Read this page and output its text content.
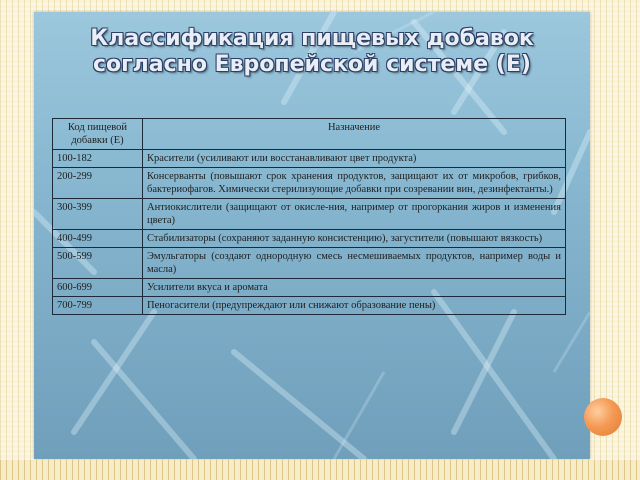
Классификация пищевых добавок
согласно Европейской системе (Е)
Код пищевой добавки (Е)	Назначение
100-182	Красители (усиливают или восстанавливают цвет продукта)
200-299	Консерванты (повышают срок хранения продуктов, защищают их от микробов, грибков, бактериофагов. Химически стерилизующие добавки при созревании вин, дезинфектанты.)
300-399	Антиокислители (защищают от окисле-ния, например от прогоркания жиров и изменения цвета)
400-499	Стабилизаторы (сохраняют заданную консистенцию), загустители (повышают вязкость)
500-599	Эмульгаторы (создают однородную смесь несмешиваемых продуктов, например воды и масла)
600-699	Усилители вкуса и аромата
700-799	Пеногасители (предупреждают или снижают образование пены)
